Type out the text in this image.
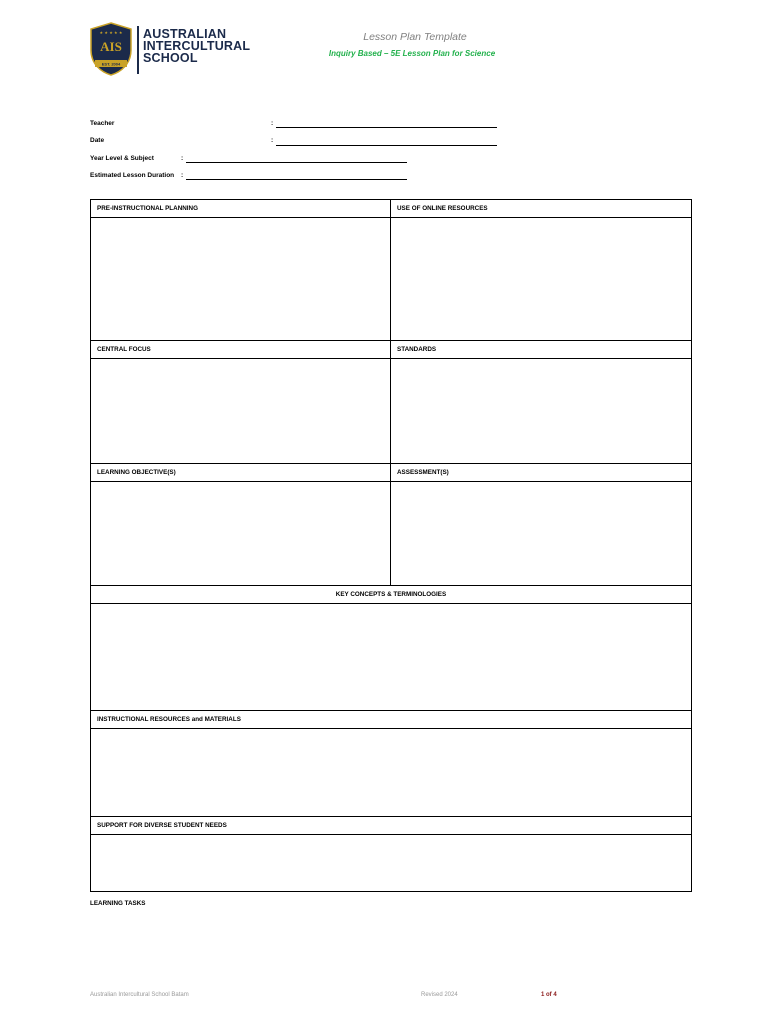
AIS
EST. 2004
★ ★ ★ ★ ★ AUSTRALIAN
INTERCULTURAL
SCHOOL
Lesson Plan Template
Inquiry Based – 5E Lesson Plan for Science
Teacher	:
Date	:
Year Level & Subject	:
Estimated Lesson Duration :
PRE-INSTRUCTIONAL PLANNING	USE OF ONLINE RESOURCES

CENTRAL FOCUS	STANDARDS

LEARNING OBJECTIVE(S)	ASSESSMENT(S)

KEY CONCEPTS & TERMINOLOGIES	

INSTRUCTIONAL RESOURCES and MATERIALS	

SUPPORT FOR DIVERSE STUDENT NEEDS	

LEARNING TASKS
Australian Intercultural School Batam	Revised 2024	1 of 4
